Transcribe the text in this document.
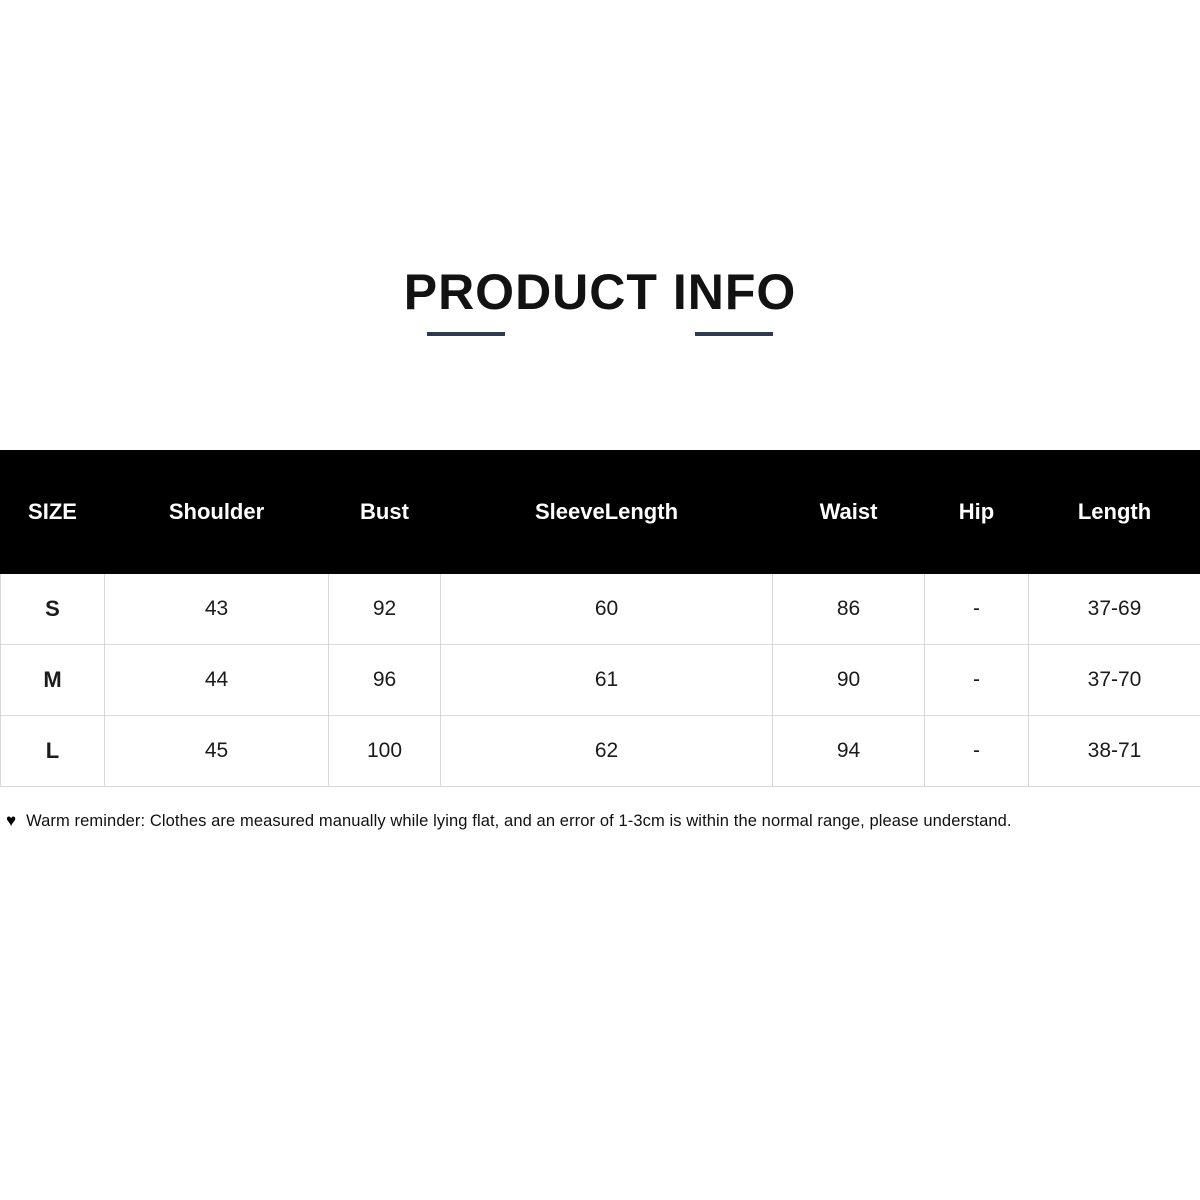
PRODUCT INFO
SIZE	Shoulder	Bust	SleeveLength	Waist	Hip	Length
S	43	92	60	86	-	37-69
M	44	96	61	90	-	37-70
L	45	100	62	94	-	38-71
♥ Warm reminder: Clothes are measured manually while lying flat, and an error of 1-3cm is within the normal range, please understand.
